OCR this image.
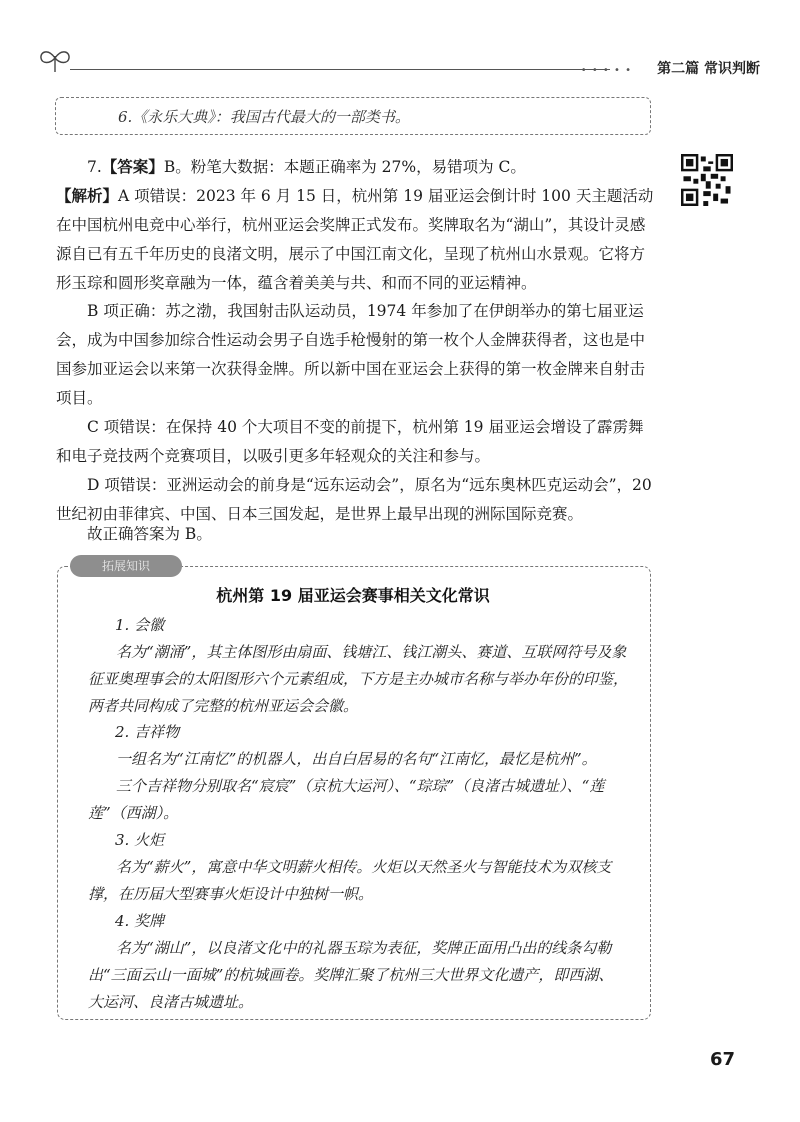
• • • • • 第二篇 常识判断
6.《永乐大典》：我国古代最大的一部类书。

7.【答案】B。粉笔大数据：本题正确率为 27%，易错项为 C。

【解析】A 项错误：2023 年 6 月 15 日，杭州第 19 届亚运会倒计时 100 天主题活动在中国杭州电竞中心举行，杭州亚运会奖牌正式发布。奖牌取名为“湖山”，其设计灵感源自已有五千年历史的良渚文明，展示了中国江南文化，呈现了杭州山水景观。它将方形玉琮和圆形奖章融为一体，蕴含着美美与共、和而不同的亚运精神。

B 项正确：苏之渤，我国射击队运动员，1974 年参加了在伊朗举办的第七届亚运会，成为中国参加综合性运动会男子自选手枪慢射的第一枚个人金牌获得者，这也是中国参加亚运会以来第一次获得金牌。所以新中国在亚运会上获得的第一枚金牌来自射击项目。

C 项错误：在保持 40 个大项目不变的前提下，杭州第 19 届亚运会增设了霹雳舞和电子竞技两个竞赛项目，以吸引更多年轻观众的关注和参与。

D 项错误：亚洲运动会的前身是“远东运动会”，原名为“远东奥林匹克运动会”，20 世纪初由菲律宾、中国、日本三国发起，是世界上最早出现的洲际国际竞赛。

故正确答案为 B。

拓展知识
杭州第 19 届亚运会赛事相关文化常识

1. 会徽

名为“潮涌”，其主体图形由扇面、钱塘江、钱江潮头、赛道、互联网符号及象征亚奥理事会的太阳图形六个元素组成，下方是主办城市名称与举办年份的印鉴，两者共同构成了完整的杭州亚运会会徽。

2. 吉祥物

一组名为“江南忆”的机器人，出自白居易的名句“江南忆，最忆是杭州”。

三个吉祥物分别取名“宸宸”（京杭大运河）、“琮琮”（良渚古城遗址）、“莲莲”（西湖）。

3. 火炬

名为“薪火”，寓意中华文明薪火相传。火炬以天然圣火与智能技术为双核支撑，在历届大型赛事火炬设计中独树一帜。

4. 奖牌

名为“湖山”，以良渚文化中的礼器玉琮为表征，奖牌正面用凸出的线条勾勒出“三面云山一面城”的杭城画卷。奖牌汇聚了杭州三大世界文化遗产，即西湖、大运河、良渚古城遗址。

67
